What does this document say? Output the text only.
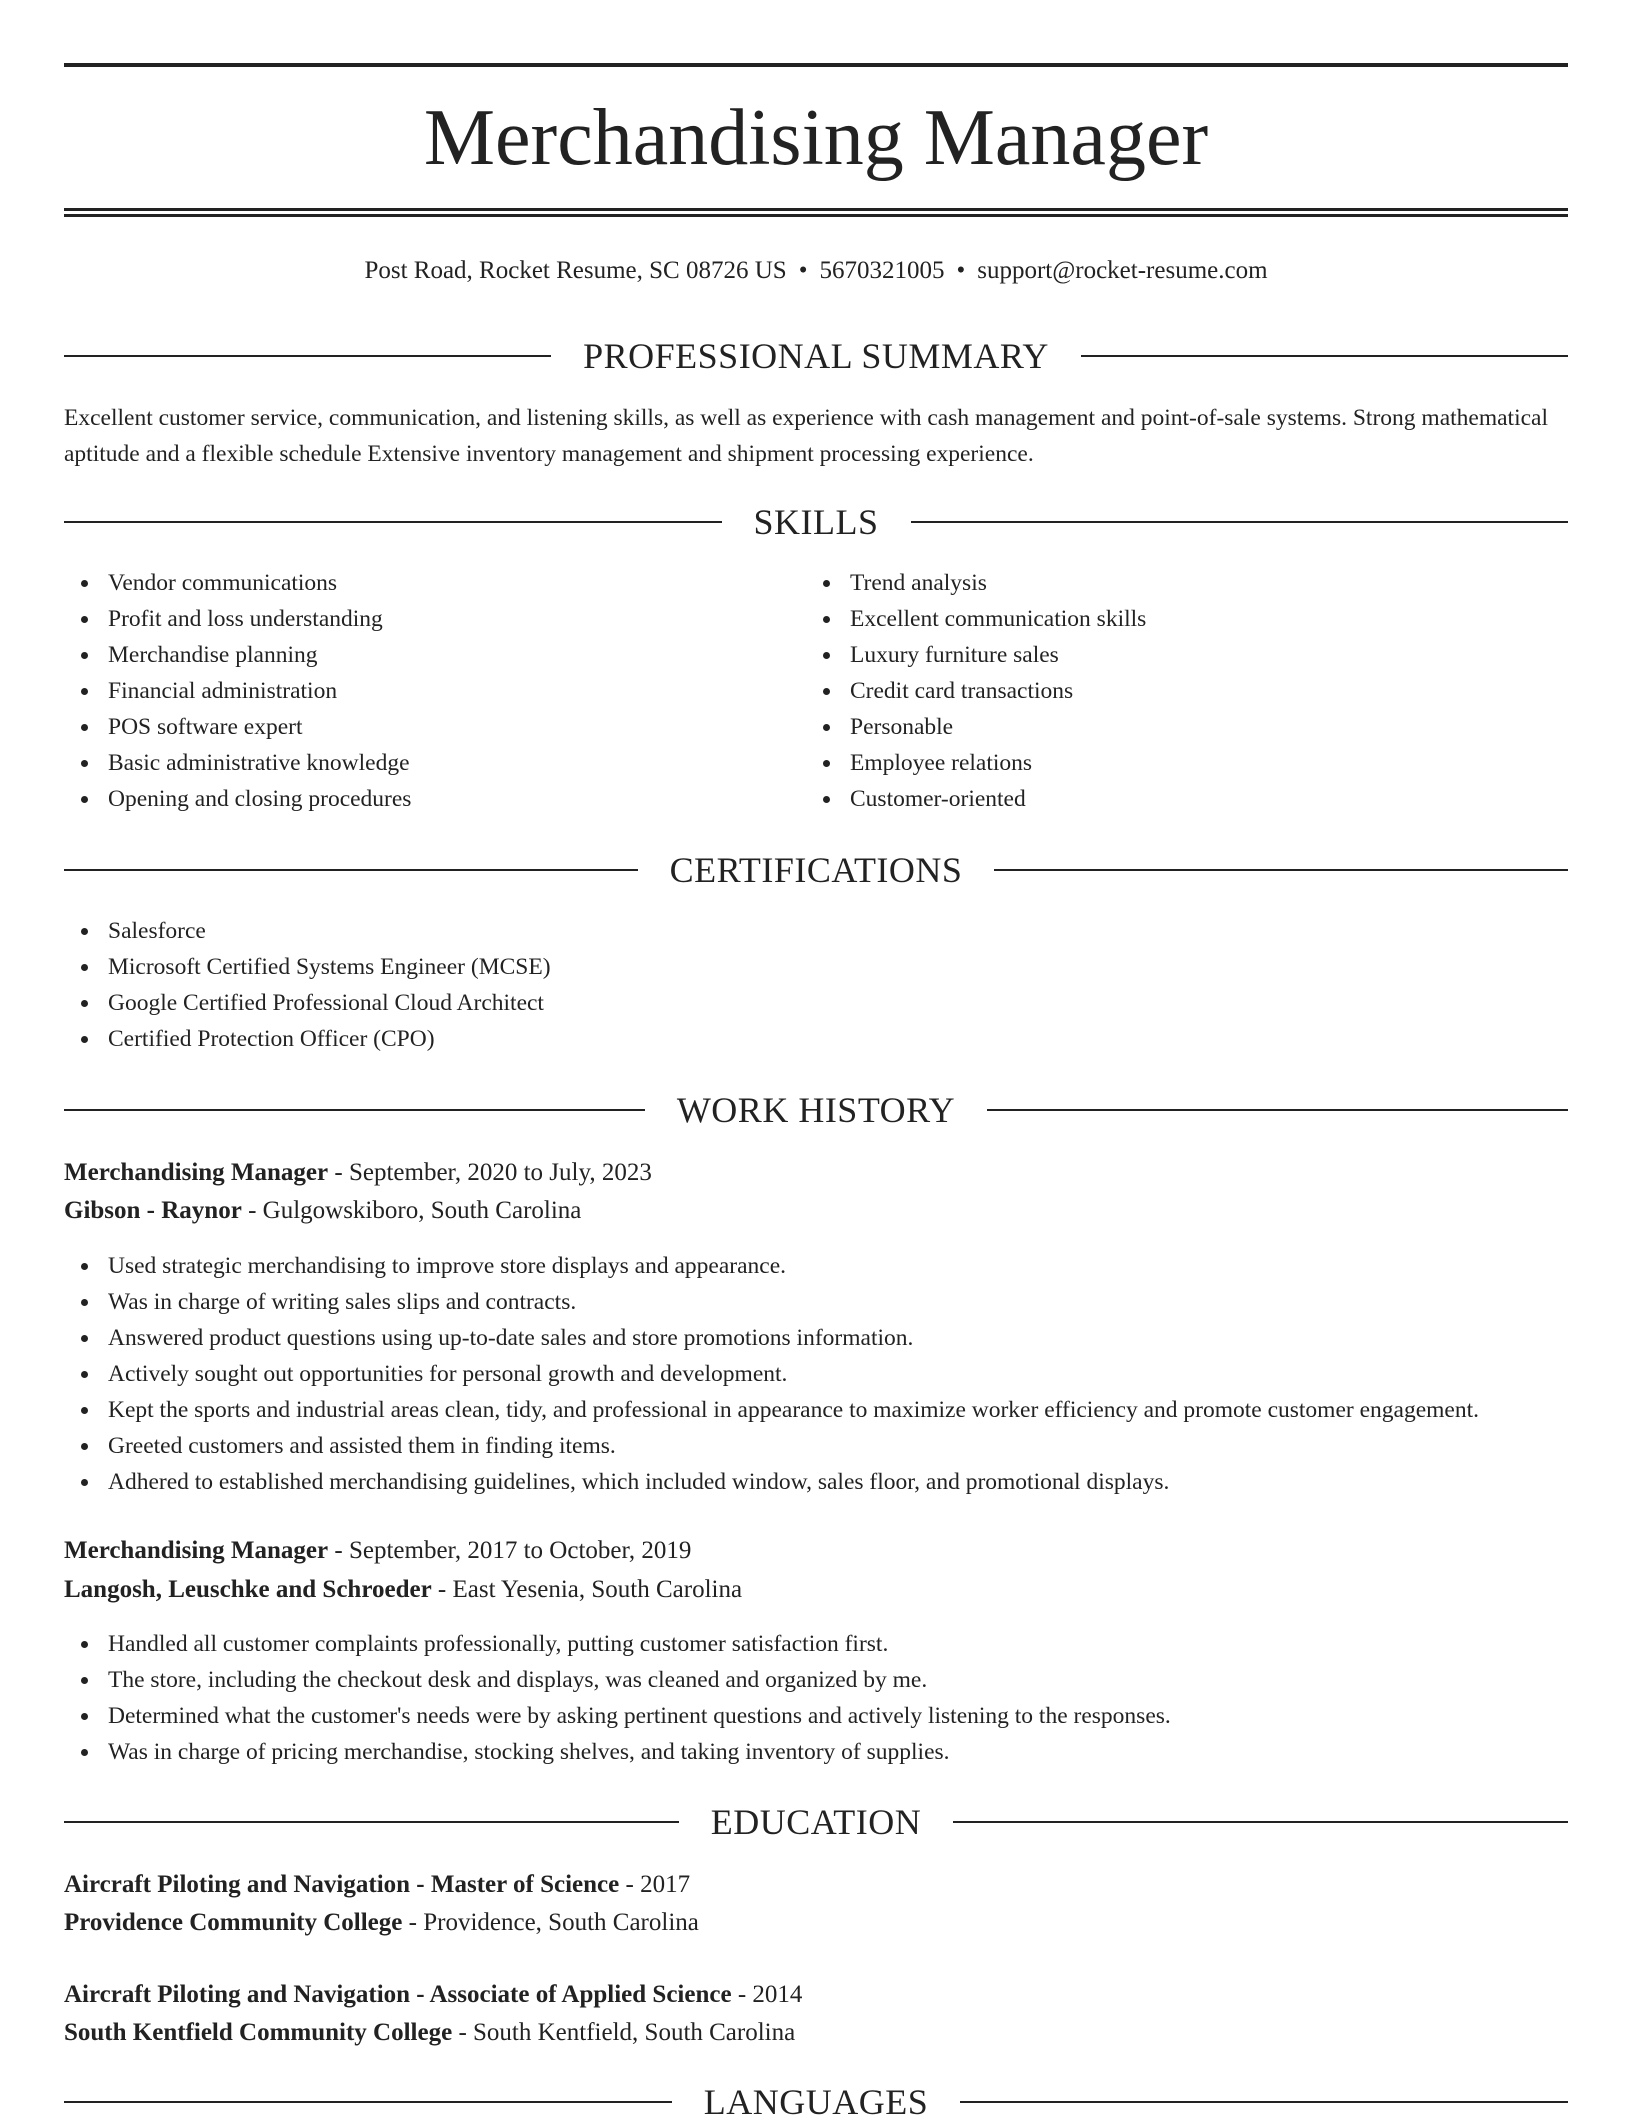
Merchandising Manager
Post Road, Rocket Resume, SC 08726 US • 5670321005 • support@rocket-resume.com
PROFESSIONAL SUMMARY

Excellent customer service, communication, and listening skills, as well as experience with cash management and point-of-sale systems. Strong mathematical aptitude and a flexible schedule Extensive inventory management and shipment processing experience.

SKILLS
Vendor communications
Profit and loss understanding
Merchandise planning
Financial administration
POS software expert
Basic administrative knowledge
Opening and closing procedures
Trend analysis
Excellent communication skills
Luxury furniture sales
Credit card transactions
Personable
Employee relations
Customer-oriented
CERTIFICATIONS
Salesforce
Microsoft Certified Systems Engineer (MCSE)
Google Certified Professional Cloud Architect
Certified Protection Officer (CPO)
WORK HISTORY
Merchandising Manager - September, 2020 to July, 2023
Gibson - Raynor - Gulgowskiboro, South Carolina
Used strategic merchandising to improve store displays and appearance.
Was in charge of writing sales slips and contracts.
Answered product questions using up-to-date sales and store promotions information.
Actively sought out opportunities for personal growth and development.
Kept the sports and industrial areas clean, tidy, and professional in appearance to maximize worker efficiency and promote customer engagement.
Greeted customers and assisted them in finding items.
Adhered to established merchandising guidelines, which included window, sales floor, and promotional displays.
Merchandising Manager - September, 2017 to October, 2019
Langosh, Leuschke and Schroeder - East Yesenia, South Carolina
Handled all customer complaints professionally, putting customer satisfaction first.
The store, including the checkout desk and displays, was cleaned and organized by me.
Determined what the customer's needs were by asking pertinent questions and actively listening to the responses.
Was in charge of pricing merchandise, stocking shelves, and taking inventory of supplies.
EDUCATION
Aircraft Piloting and Navigation - Master of Science - 2017
Providence Community College - Providence, South Carolina
Aircraft Piloting and Navigation - Associate of Applied Science - 2014
South Kentfield Community College - South Kentfield, South Carolina
LANGUAGES
